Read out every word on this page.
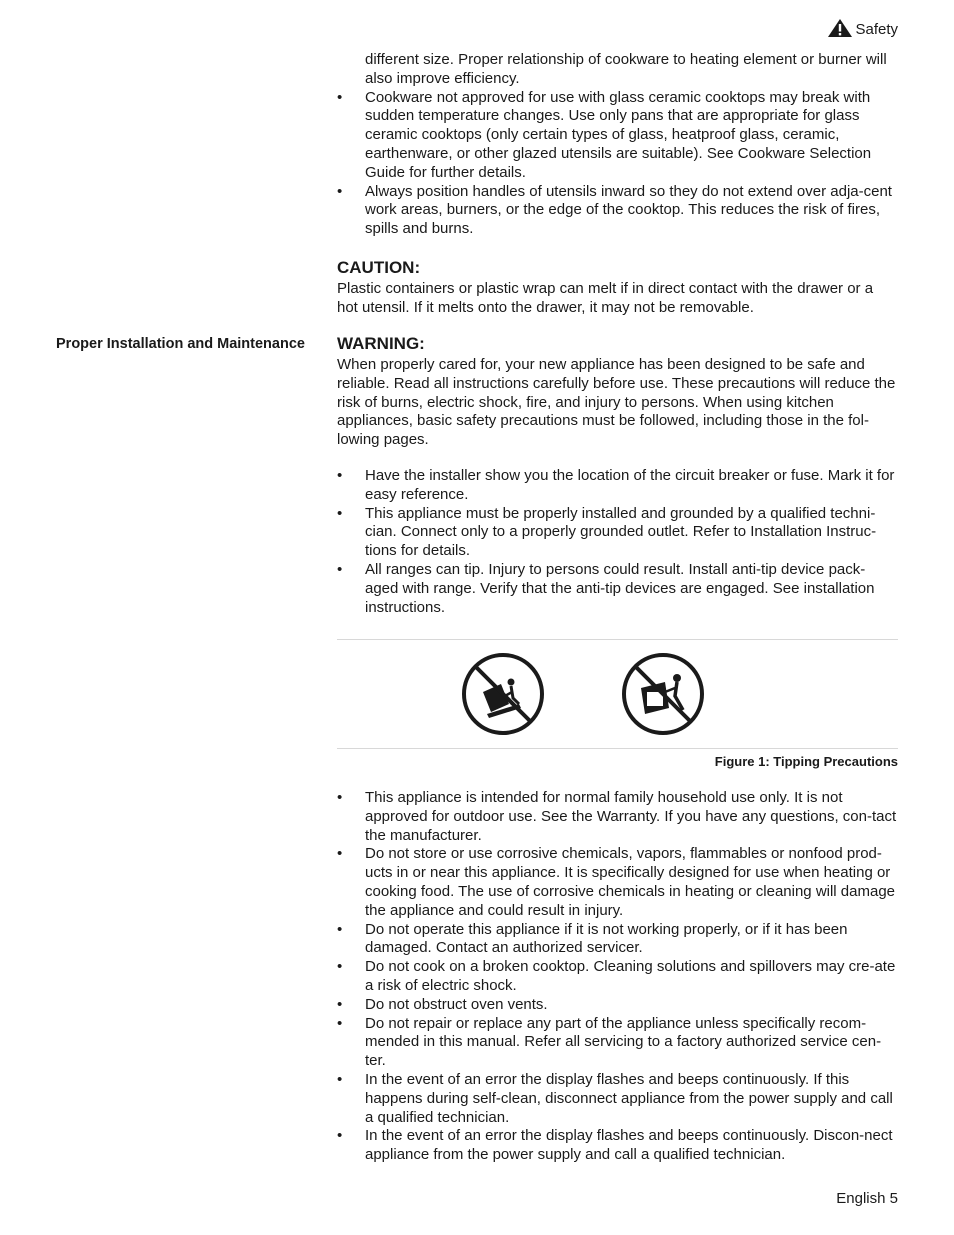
Safety
different size. Proper relationship of cookware to heating element or burner will also improve efficiency.
• Cookware not approved for use with glass ceramic cooktops may break with sudden temperature changes. Use only pans that are appropriate for glass ceramic cooktops (only certain types of glass, heatproof glass, ceramic, earthenware, or other glazed utensils are suitable). See Cookware Selection Guide for further details.
• Always position handles of utensils inward so they do not extend over adja-cent work areas, burners, or the edge of the cooktop. This reduces the risk of fires, spills and burns.
CAUTION:
Plastic containers or plastic wrap can melt if in direct contact with the drawer or a hot utensil. If it melts onto the drawer, it may not be removable.
Proper Installation and Maintenance WARNING:
When properly cared for, your new appliance has been designed to be safe and reliable. Read all instructions carefully before use. These precautions will reduce the risk of burns, electric shock, fire, and injury to persons. When using kitchen appliances, basic safety precautions must be followed, including those in the fol-lowing pages.
• Have the installer show you the location of the circuit breaker or fuse. Mark it for easy reference.
• This appliance must be properly installed and grounded by a qualified techni-cian. Connect only to a properly grounded outlet. Refer to Installation Instruc-tions for details.
• All ranges can tip. Injury to persons could result. Install anti-tip device pack-aged with range. Verify that the anti-tip devices are engaged. See installation instructions.
Figure 1: Tipping Precautions
• This appliance is intended for normal family household use only. It is not approved for outdoor use. See the Warranty. If you have any questions, con-tact the manufacturer.
• Do not store or use corrosive chemicals, vapors, flammables or nonfood prod-ucts in or near this appliance. It is specifically designed for use when heating or cooking food. The use of corrosive chemicals in heating or cleaning will damage the appliance and could result in injury.
• Do not operate this appliance if it is not working properly, or if it has been damaged. Contact an authorized servicer.
• Do not cook on a broken cooktop. Cleaning solutions and spillovers may cre-ate a risk of electric shock.
• Do not obstruct oven vents.
• Do not repair or replace any part of the appliance unless specifically recom-mended in this manual. Refer all servicing to a factory authorized service cen-ter.
• In the event of an error the display flashes and beeps continuously. If this happens during self-clean, disconnect appliance from the power supply and call a qualified technician.
• In the event of an error the display flashes and beeps continuously. Discon-nect appliance from the power supply and call a qualified technician.
English 5
